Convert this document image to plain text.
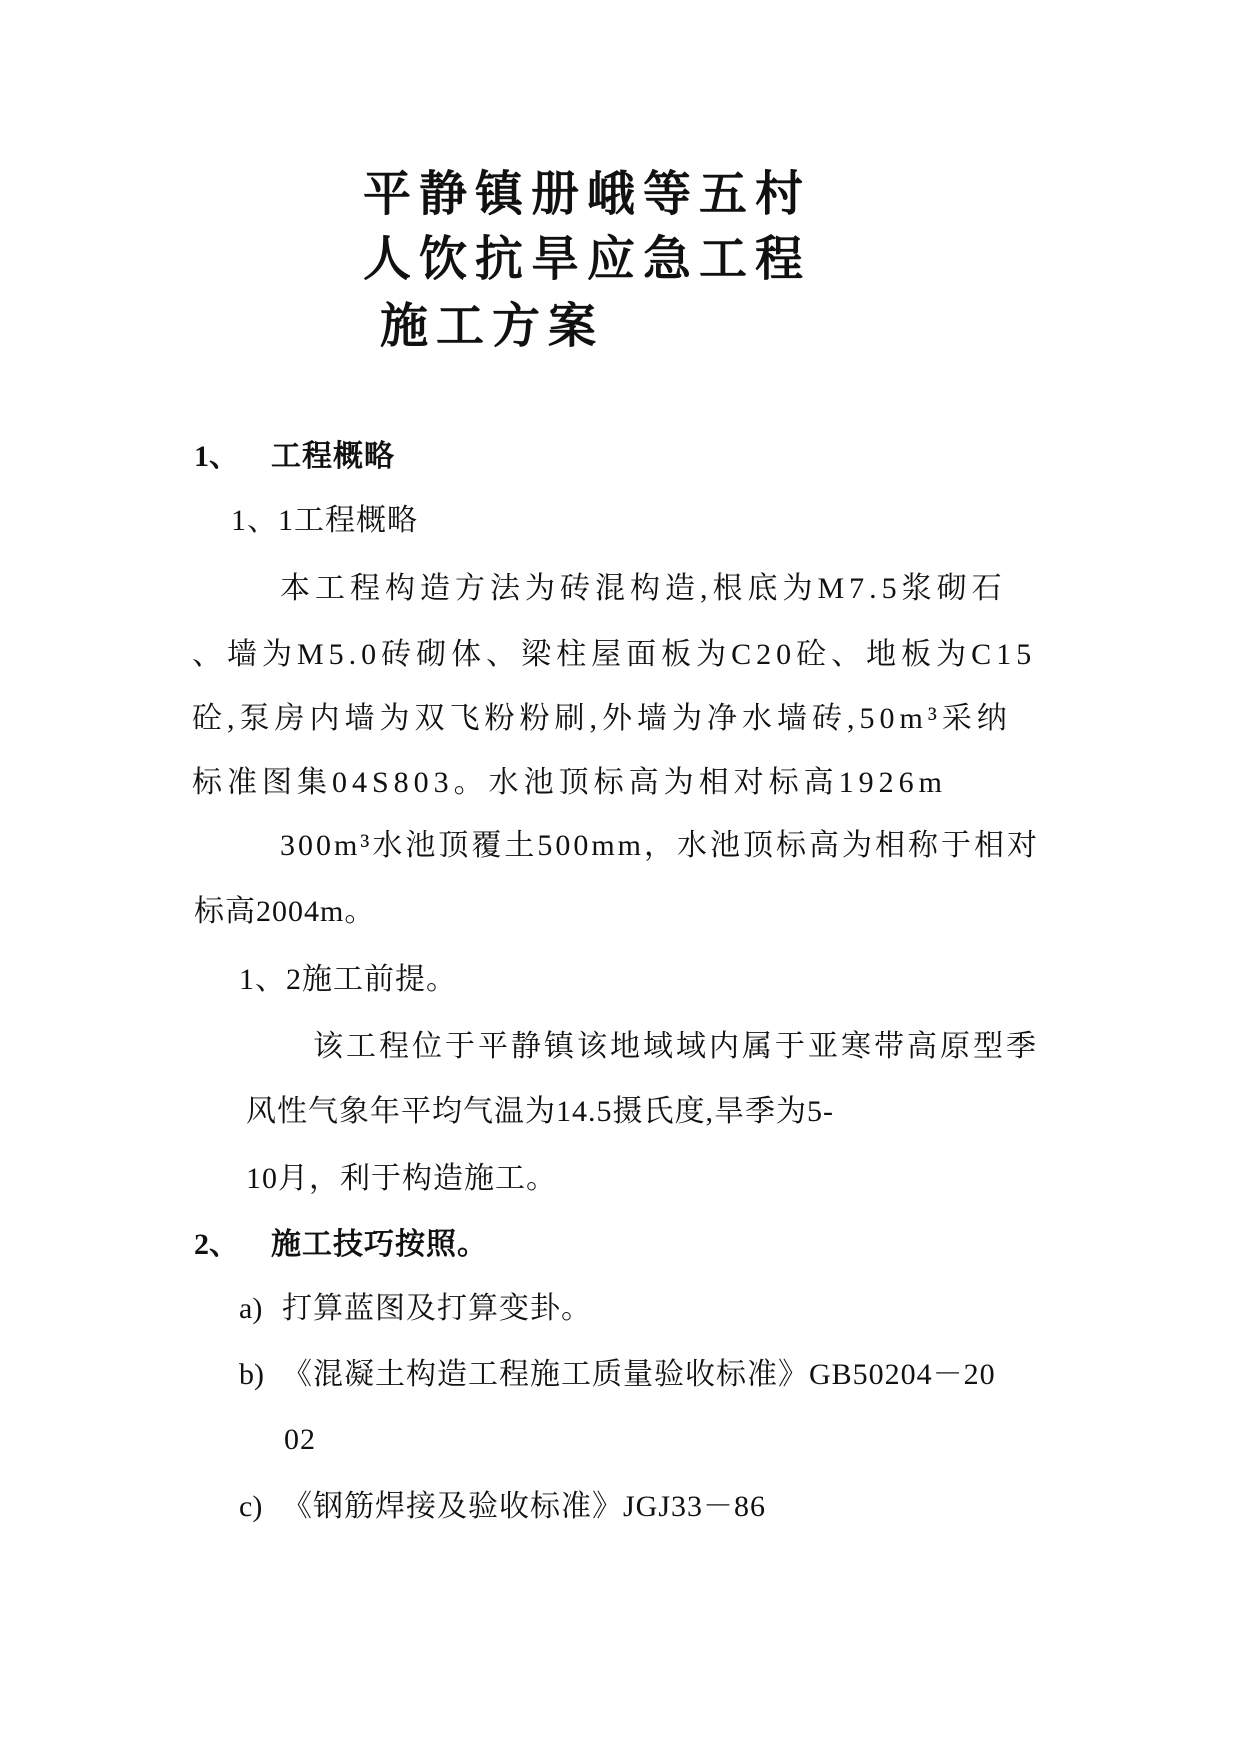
平静镇册峨等五村
人饮抗旱应急工程
施工方案
1、 工程概略
1、1工程概略
本工程构造方法为砖混构造,根底为M7.5浆砌石
、墙为M5.0砖砌体、梁柱屋面板为C20砼、地板为C15
砼,泵房内墙为双飞粉粉刷,外墙为净水墙砖,50m³采纳
标准图集04S803。水池顶标高为相对标高1926m
300m³水池顶覆土500mm，水池顶标高为相称于相对
标高2004m。
1、2施工前提。
该工程位于平静镇该地域域内属于亚寒带高原型季
风性气象年平均气温为14.5摄氏度,旱季为5-
10月，利于构造施工。
2、 施工技巧按照。
a) 打算蓝图及打算变卦。
b) 《混凝土构造工程施工质量验收标准》GB50204－20
02
c) 《钢筋焊接及验收标准》JGJ33－86
